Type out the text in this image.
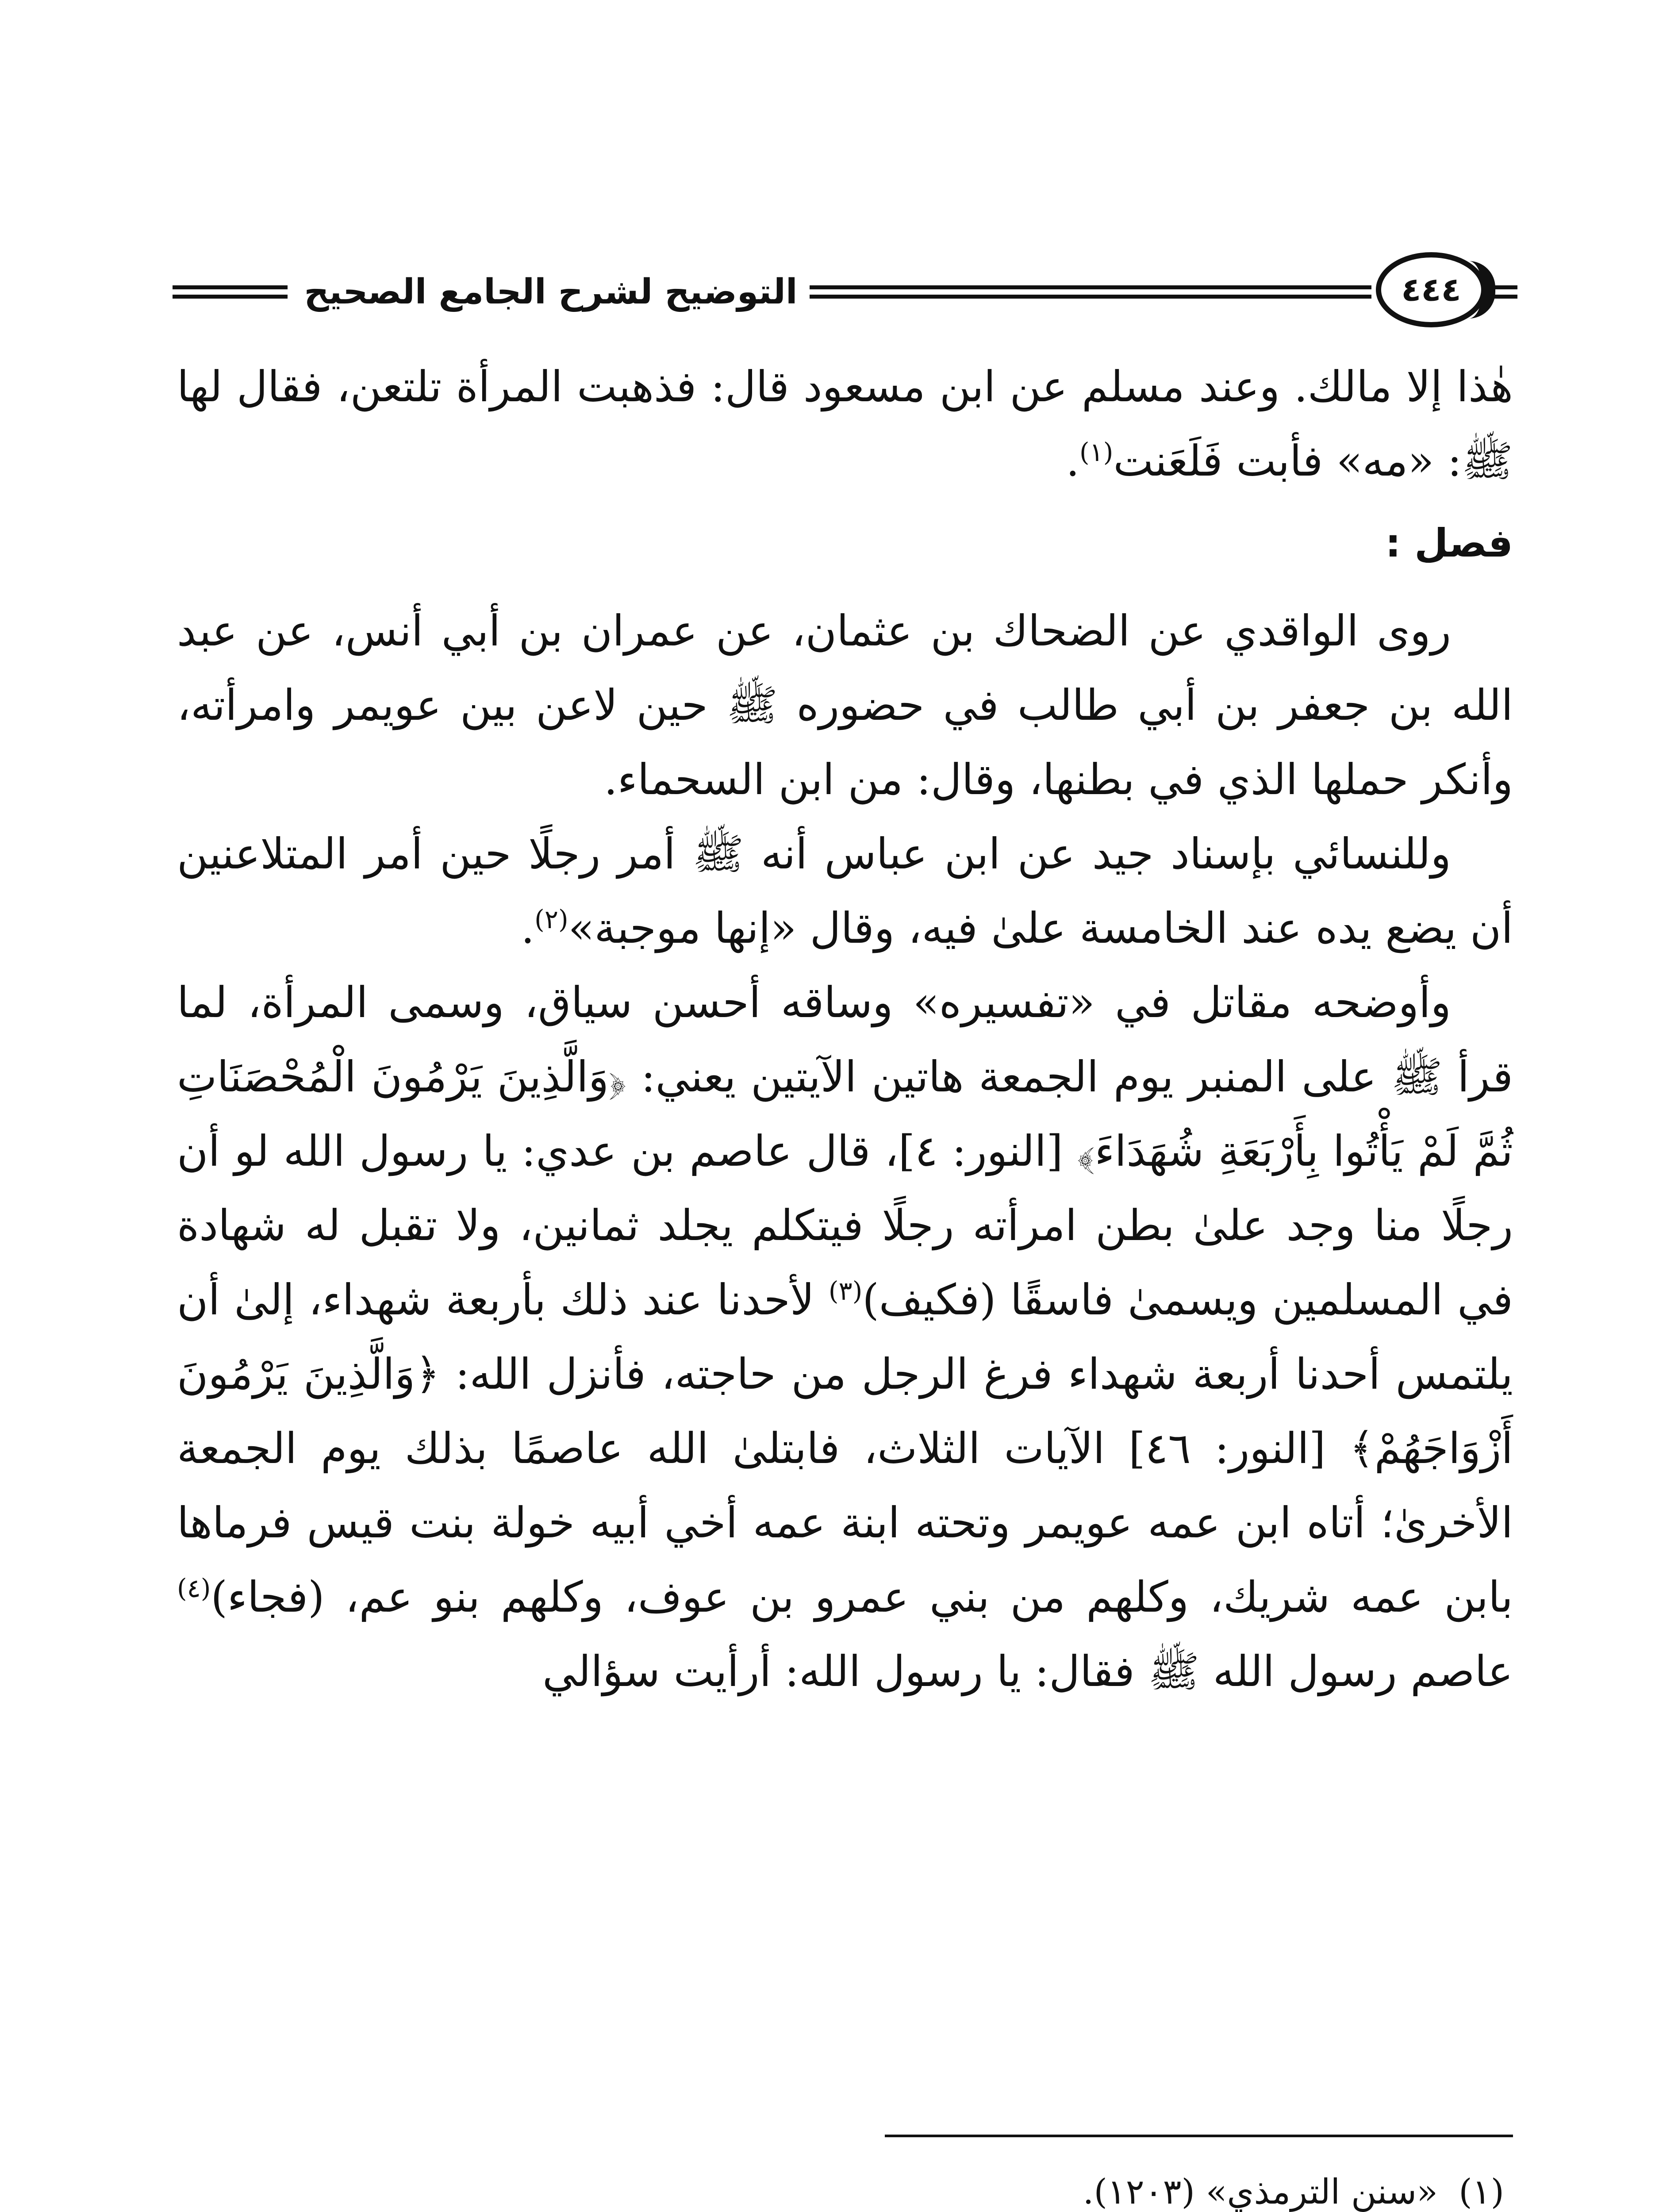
التوضيح لشرح الجامع الصحيح	٤٤٤

هٰذا إلا مالك. وعند مسلم عن ابن مسعود قال: فذهبت المرأة تلتعن، فقال لها ﷺ: «مه» فأبت فَلَعَنت$^{(١)}$.

فصل :

روى الواقدي عن الضحاك بن عثمان، عن عمران بن أبي أنس، عن عبد الله بن جعفر بن أبي طالب في حضوره ﷺ حين لاعن بين عويمر وامرأته، وأنكر حملها الذي في بطنها، وقال: من ابن السحماء.

وللنسائي بإسناد جيد عن ابن عباس أنه ﷺ أمر رجلًا حين أمر المتلاعنين أن يضع يده عند الخامسة علىٰ فيه، وقال «إنها موجبة»$^{(٢)}$.

وأوضحه مقاتل في «تفسيره» وساقه أحسن سياق، وسمى المرأة، لما قرأ ﷺ على المنبر يوم الجمعة هاتين الآيتين يعني: ﴿وَالَّذِينَ يَرْمُونَ الْمُحْصَنَاتِ ثُمَّ لَمْ يَأْتُوا بِأَرْبَعَةِ شُهَدَاءَ﴾ [النور: ٤]، قال عاصم بن عدي: يا رسول الله لو أن رجلًا منا وجد علىٰ بطن امرأته رجلًا فيتكلم يجلد ثمانين، ولا تقبل له شهادة في المسلمين ويسمىٰ فاسقًا (فكيف)$^{(٣)}$ لأحدنا عند ذلك بأربعة شهداء، إلىٰ أن يلتمس أحدنا أربعة شهداء فرغ الرجل من حاجته، فأنزل الله: ﴿وَالَّذِينَ يَرْمُونَ أَزْوَاجَهُمْ﴾ [النور: ٤٦] الآيات الثلاث، فابتلىٰ الله عاصمًا بذلك يوم الجمعة الأخرىٰ؛ أتاه ابن عمه عويمر وتحته ابنة عمه أخي أبيه خولة بنت قيس فرماها بابن عمه شريك، وكلهم من بني عمرو بن عوف، وكلهم بنو عم، (فجاء)$^{(٤)}$ عاصم رسول الله ﷺ فقال: يا رسول الله: أرأيت سؤالي

(١)«سنن الترمذي» (١٢٠٣).
